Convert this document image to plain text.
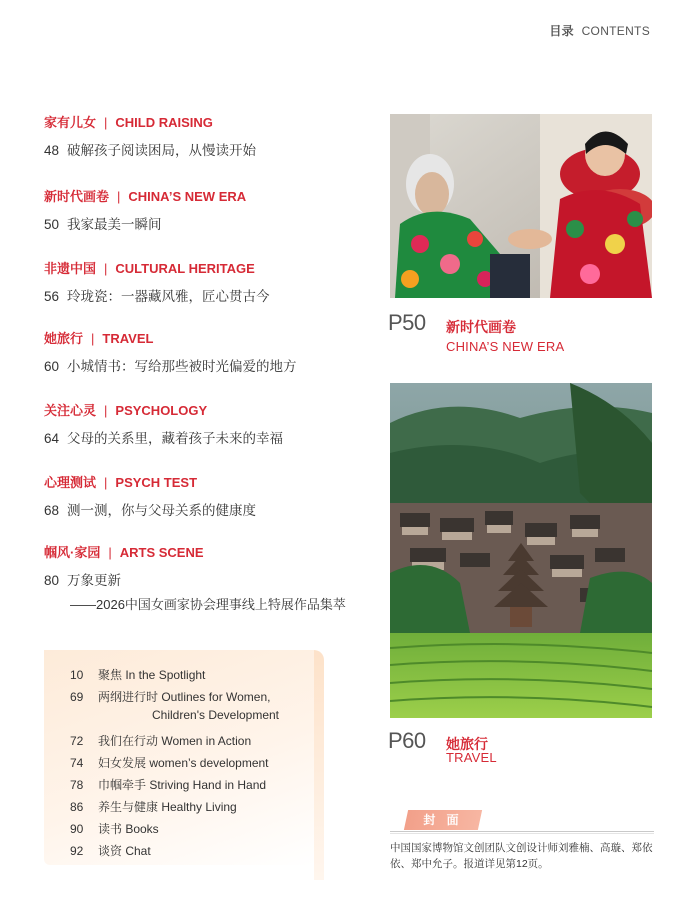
目录 CONTENTS
家有儿女 | CHILD RAISING
48 破解孩子阅读困局，从慢读开始
新时代画卷 | CHINA’S NEW ERA
50 我家最美一瞬间
非遗中国 | CULTURAL HERITAGE
56 玲珑瓷：一器藏风雅，匠心贯古今
她旅行 | TRAVEL
60 小城情书：写给那些被时光偏爱的地方
关注心灵 | PSYCHOLOGY
64 父母的关系里，藏着孩子未来的幸福
心理测试 | PSYCH TEST
68 测一测，你与父母关系的健康度
帼风·家园 | ARTS SCENE
80 万象更新
——2026中国女画家协会理事线上特展作品集萃
10 聚焦 In the Spotlight
69 两纲进行时 Outlines for Women,
Children's Development
72 我们在行动 Women in Action
74 妇女发展 women’s development
78 巾帼牵手 Striving Hand in Hand
86 养生与健康 Healthy Living
90 读书 Books
92 谈资 Chat
P50 新时代画卷
CHINA’S NEW ERA
P60 她旅行
TRAVEL
封 面
中国国家博物馆文创团队文创设计师刘雅楠、高璇、郑依依、郑中允子。报道详见第12页。
